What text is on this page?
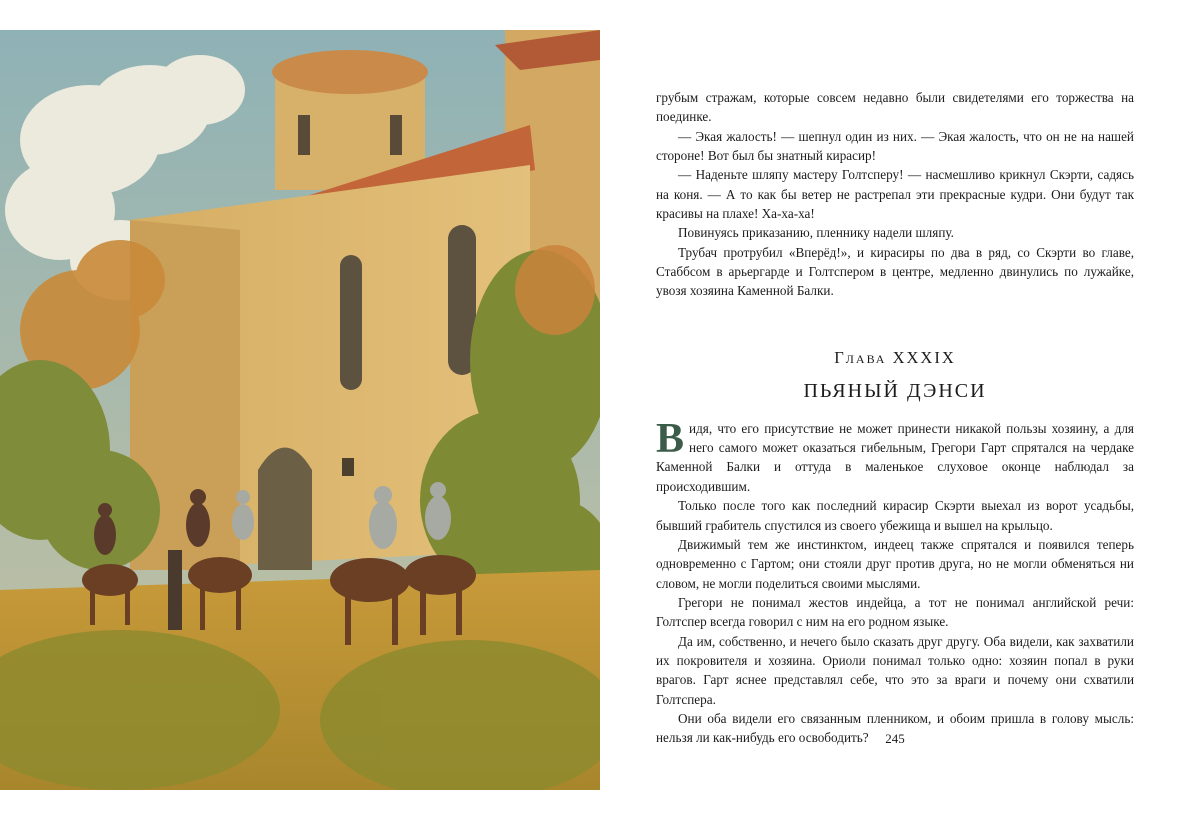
грубым стражам, которые совсем недавно были свидетелями его торжества на поединке.

— Экая жалость! — шепнул один из них. — Экая жалость, что он не на нашей стороне! Вот был бы знатный кирасир!

— Наденьте шляпу мастеру Голтсперу! — насмешливо крикнул Скэрти, садясь на коня. — А то как бы ветер не растрепал эти прекрасные кудри. Они будут так красивы на плахе! Ха-ха-ха!

Повинуясь приказанию, пленнику надели шляпу.

Трубач протрубил «Вперёд!», и кирасиры по два в ряд, со Скэрти во главе, Стаббсом в арьергарде и Голтспером в центре, медленно двинулись по лужайке, увозя хозяина Каменной Балки.

Глава XXXIX
ПЬЯНЫЙ ДЭНСИ

Видя, что его присутствие не может принести никакой пользы хозяину, а для него самого может оказаться гибельным, Грегори Гарт спрятался на чердаке Каменной Балки и оттуда в маленькое слуховое оконце наблюдал за происходившим.

Только после того как последний кирасир Скэрти выехал из ворот усадьбы, бывший грабитель спустился из своего убежища и вышел на крыльцо.

Движимый тем же инстинктом, индеец также спрятался и появился теперь одновременно с Гартом; они стояли друг против друга, но не могли обменяться ни словом, не могли поделиться своими мыслями.

Грегори не понимал жестов индейца, а тот не понимал английской речи: Голтспер всегда говорил с ним на его родном языке.

Да им, собственно, и нечего было сказать друг другу. Оба видели, как захватили их покровителя и хозяина. Ориоли понимал только одно: хозяин попал в руки врагов. Гарт яснее представлял себе, что это за враги и почему они схватили Голтспера.

Они оба видели его связанным пленником, и обоим пришла в голову мысль: нельзя ли как-нибудь его освободить?	245
